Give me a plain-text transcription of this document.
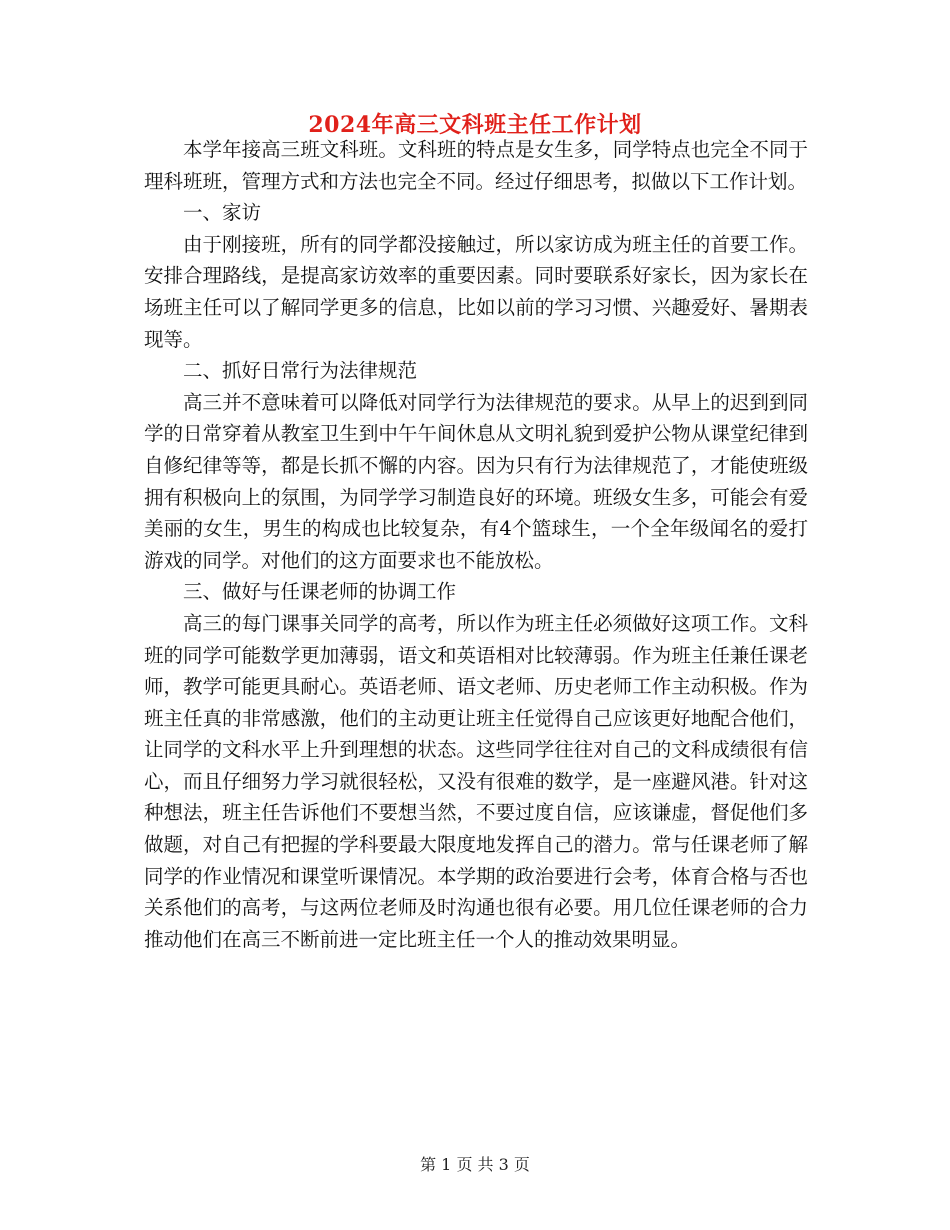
2024年高三文科班主任工作计划

本学年接高三班文科班。文科班的特点是女生多，同学特点也完全不同于理科班班，管理方式和方法也完全不同。经过仔细思考，拟做以下工作计划。

一、家访

由于刚接班，所有的同学都没接触过，所以家访成为班主任的首要工作。安排合理路线，是提高家访效率的重要因素。同时要联系好家长，因为家长在场班主任可以了解同学更多的信息，比如以前的学习习惯、兴趣爱好、暑期表现等。

二、抓好日常行为法律规范

高三并不意味着可以降低对同学行为法律规范的要求。从早上的迟到到同学的日常穿着从教室卫生到中午午间休息从文明礼貌到爱护公物从课堂纪律到自修纪律等等，都是长抓不懈的内容。因为只有行为法律规范了，才能使班级拥有积极向上的氛围，为同学学习制造良好的环境。班级女生多，可能会有爱美丽的女生，男生的构成也比较复杂，有4个篮球生，一个全年级闻名的爱打游戏的同学。对他们的这方面要求也不能放松。

三、做好与任课老师的协调工作

高三的每门课事关同学的高考，所以作为班主任必须做好这项工作。文科班的同学可能数学更加薄弱，语文和英语相对比较薄弱。作为班主任兼任课老师，教学可能更具耐心。英语老师、语文老师、历史老师工作主动积极。作为班主任真的非常感激，他们的主动更让班主任觉得自己应该更好地配合他们，让同学的文科水平上升到理想的状态。这些同学往往对自己的文科成绩很有信心，而且仔细努力学习就很轻松，又没有很难的数学，是一座避风港。针对这种想法，班主任告诉他们不要想当然，不要过度自信，应该谦虚，督促他们多做题，对自己有把握的学科要最大限度地发挥自己的潜力。常与任课老师了解同学的作业情况和课堂听课情况。本学期的政治要进行会考，体育合格与否也关系他们的高考，与这两位老师及时沟通也很有必要。用几位任课老师的合力推动他们在高三不断前进一定比班主任一个人的推动效果明显。

第 1 页 共 3 页
